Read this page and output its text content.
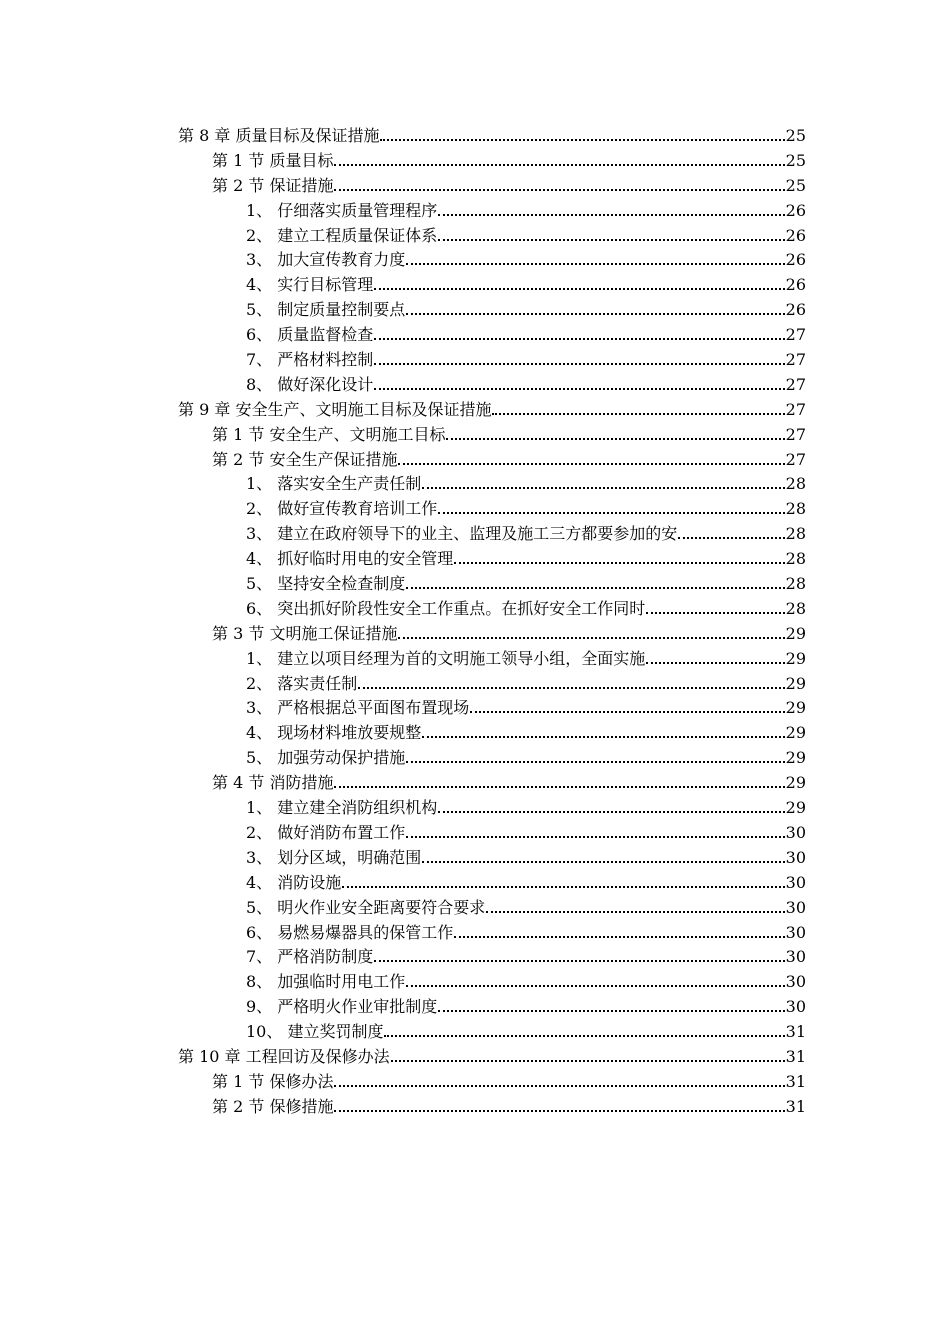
第 8 章 质量目标及保证措施	25
第 1 节 质量目标	25
第 2 节 保证措施	25
1、 仔细落实质量管理程序	26
2、 建立工程质量保证体系	26
3、 加大宣传教育力度	26
4、 实行目标管理	26
5、 制定质量控制要点	26
6、 质量监督检查	27
7、 严格材料控制	27
8、 做好深化设计	27
第 9 章 安全生产、文明施工目标及保证措施	27
第 1 节 安全生产、文明施工目标	27
第 2 节 安全生产保证措施	27
1、 落实安全生产责任制	28
2、 做好宣传教育培训工作	28
3、 建立在政府领导下的业主、监理及施工三方都要参加的安	28
4、 抓好临时用电的安全管理	28
5、 坚持安全检查制度	28
6、 突出抓好阶段性安全工作重点。在抓好安全工作同时	28
第 3 节 文明施工保证措施	29
1、 建立以项目经理为首的文明施工领导小组，全面实施	29
2、 落实责任制	29
3、 严格根据总平面图布置现场	29
4、 现场材料堆放要规整	29
5、 加强劳动保护措施	29
第 4 节 消防措施	29
1、 建立建全消防组织机构	29
2、 做好消防布置工作	30
3、 划分区域，明确范围	30
4、 消防设施	30
5、 明火作业安全距离要符合要求	30
6、 易燃易爆器具的保管工作	30
7、 严格消防制度	30
8、 加强临时用电工作	30
9、 严格明火作业审批制度	30
10、 建立奖罚制度	31
第 10 章 工程回访及保修办法	31
第 1 节 保修办法	31
第 2 节 保修措施	31
